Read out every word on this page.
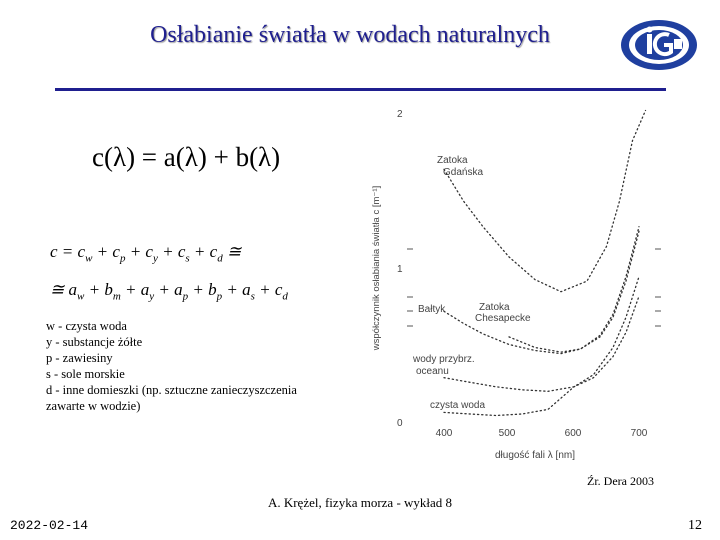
Osłabianie światła w wodach naturalnych
c(λ) = a(λ) + b(λ)
$c = c_w + c_p + c_y + c_s + c_d$ ≅
≅ $a_w + b_m + a_y + a_p + b_p + a_s + c_d$
w - czysta woda
y - substancje żółte
p - zawiesiny
s - sole morskie
d - inne domieszki (np. sztuczne zanieczyszczenia
zawarte w wodzie)
2
1
0
400	500	600	700
długość fali λ [nm]
współczynnik osłabiania światła c [m⁻¹]
Zatoka Gdańska
Bałtyk	Zatoka Chesapecke
wody przybrz. oceanu
czysta woda
Źr. Dera 2003
A. Krężel, fizyka morza - wykład 8
2022-02-14	12
